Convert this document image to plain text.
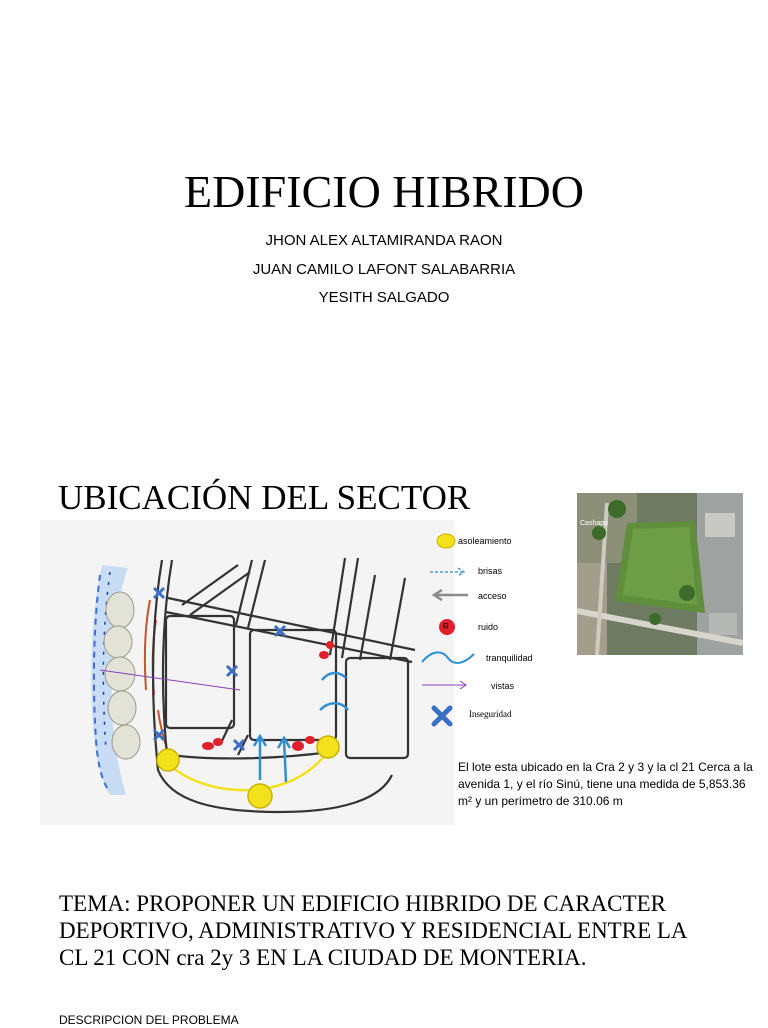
EDIFICIO HIBRIDO
JHON ALEX ALTAMIRANDA RAON
JUAN CAMILO LAFONT SALABARRIA
YESITH SALGADO
UBICACIÓN DEL SECTOR
asoleamiento
brisas
acceso
R	ruido
tranquilidad
vistas
Inseguridad
Cashapo
El lote esta ubicado en la Cra 2 y 3 y la cl 21 Cerca a la avenida 1, y el río Sinú, tiene una medida de 5,853.36 m² y un perímetro de 310.06 m
TEMA: PROPONER UN EDIFICIO HIBRIDO DE CARACTER DEPORTIVO, ADMINISTRATIVO Y RESIDENCIAL ENTRE LA CL 21 CON cra 2y 3 EN LA CIUDAD DE MONTERIA.
DESCRIPCION DEL PROBLEMA
